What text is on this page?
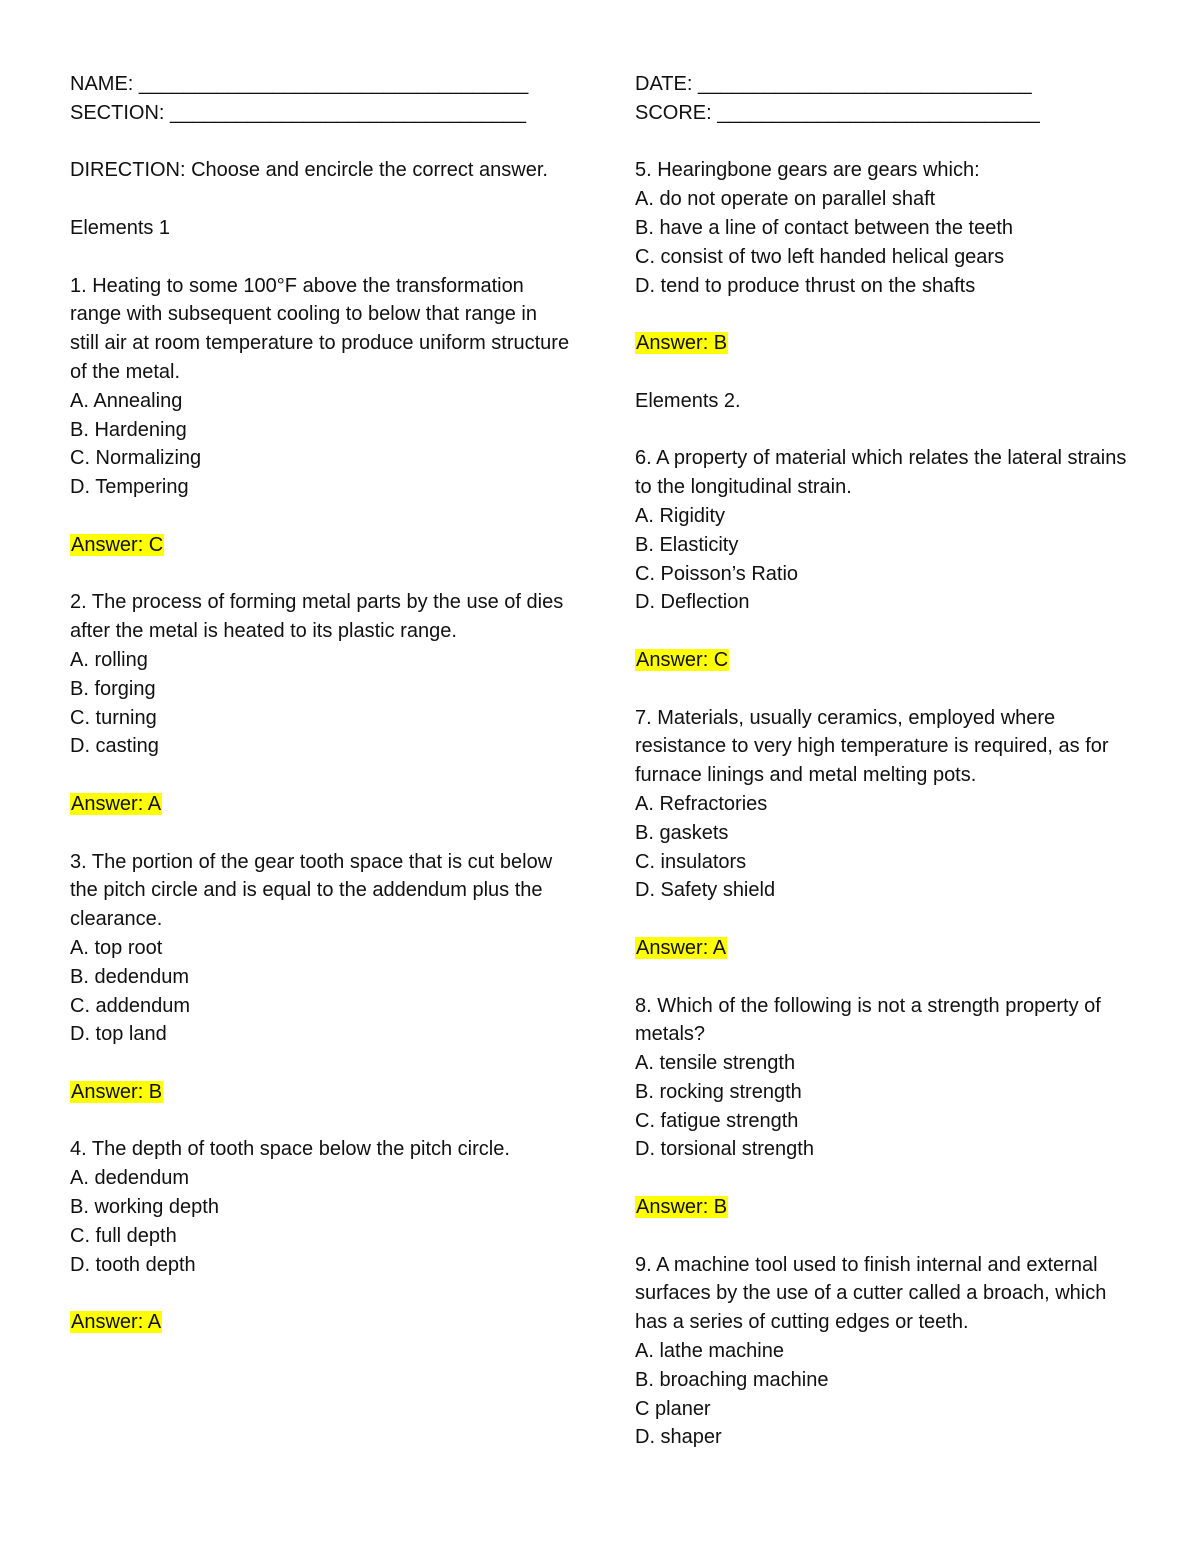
NAME: ___________________________________
SECTION: ________________________________
DIRECTION: Choose and encircle the correct answer.
Elements 1
1. Heating to some 100°F above the transformation range with subsequent cooling to below that range in still air at room temperature to produce uniform structure of the metal.
A. Annealing
B. Hardening
C. Normalizing
D. Tempering
Answer: C
2. The process of forming metal parts by the use of dies after the metal is heated to its plastic range.
A. rolling
B. forging
C. turning
D. casting
Answer: A
3. The portion of the gear tooth space that is cut below the pitch circle and is equal to the addendum plus the clearance.
A. top root
B. dedendum
C. addendum
D. top land
Answer: B
4. The depth of tooth space below the pitch circle.
A. dedendum
B. working depth
C. full depth
D. tooth depth
Answer: A
DATE: ______________________________
SCORE: _____________________________
5. Hearingbone gears are gears which:
A. do not operate on parallel shaft
B. have a line of contact between the teeth
C. consist of two left handed helical gears
D. tend to produce thrust on the shafts
Answer: B
Elements 2.
6. A property of material which relates the lateral strains to the longitudinal strain.
A. Rigidity
B. Elasticity
C. Poisson’s Ratio
D. Deflection
Answer: C
7. Materials, usually ceramics, employed where resistance to very high temperature is required, as for furnace linings and metal melting pots.
A. Refractories
B. gaskets
C. insulators
D. Safety shield
Answer: A
8. Which of the following is not a strength property of metals?
A. tensile strength
B. rocking strength
C. fatigue strength
D. torsional strength
Answer: B
9. A machine tool used to finish internal and external surfaces by the use of a cutter called a broach, which has a series of cutting edges or teeth.
A. lathe machine
B. broaching machine
C planer
D. shaper
